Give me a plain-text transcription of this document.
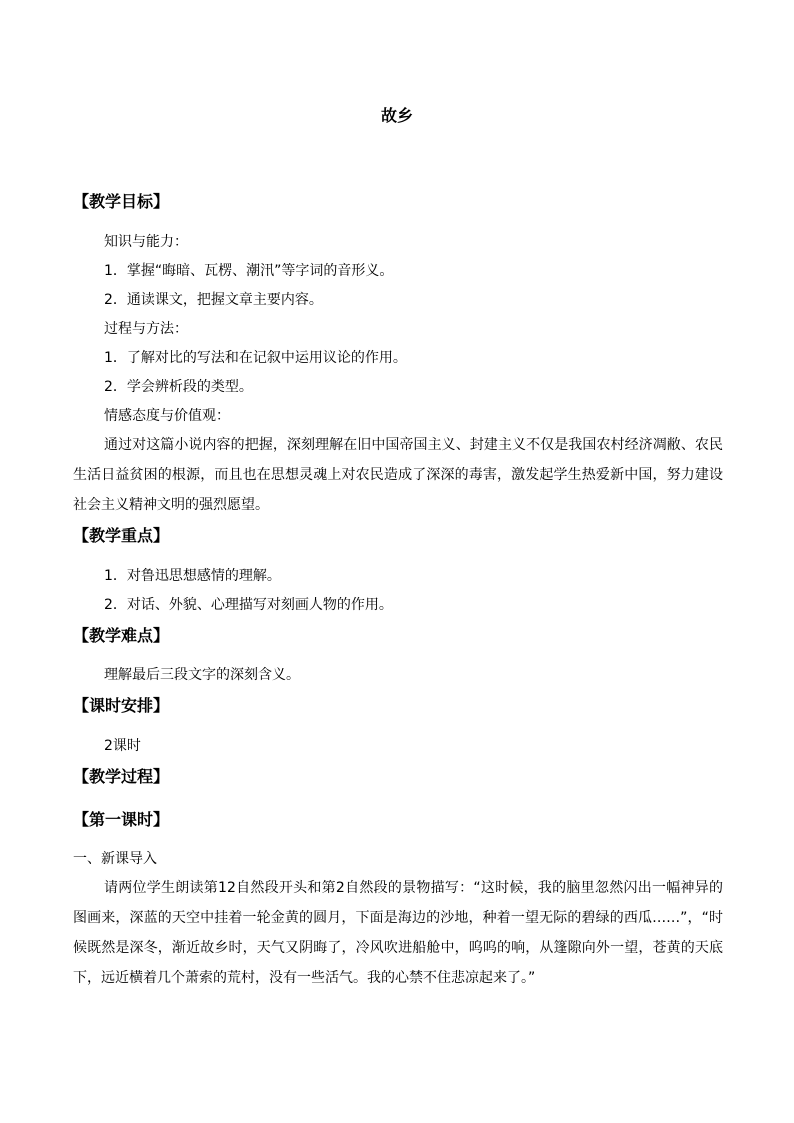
故乡
【教学目标】
知识与能力：
1．掌握“晦暗、瓦楞、潮汛”等字词的音形义。
2．通读课文，把握文章主要内容。
过程与方法：
1．了解对比的写法和在记叙中运用议论的作用。
2．学会辨析段的类型。
情感态度与价值观：
通过对这篇小说内容的把握，深刻理解在旧中国帝国主义、封建主义不仅是我国农村经济凋敝、农民生活日益贫困的根源，而且也在思想灵魂上对农民造成了深深的毒害，激发起学生热爱新中国，努力建设社会主义精神文明的强烈愿望。
【教学重点】
1．对鲁迅思想感情的理解。
2．对话、外貌、心理描写对刻画人物的作用。
【教学难点】
理解最后三段文字的深刻含义。
【课时安排】
2课时
【教学过程】
【第一课时】
一、新课导入
请两位学生朗读第12自然段开头和第2自然段的景物描写：“这时候，我的脑里忽然闪出一幅神异的图画来，深蓝的天空中挂着一轮金黄的圆月，下面是海边的沙地，种着一望无际的碧绿的西瓜……”，“时候既然是深冬，渐近故乡时，天气又阴晦了，冷风吹进船舱中，呜呜的响，从篷隙向外一望，苍黄的天底下，远近横着几个萧索的荒村，没有一些活气。我的心禁不住悲凉起来了。”
